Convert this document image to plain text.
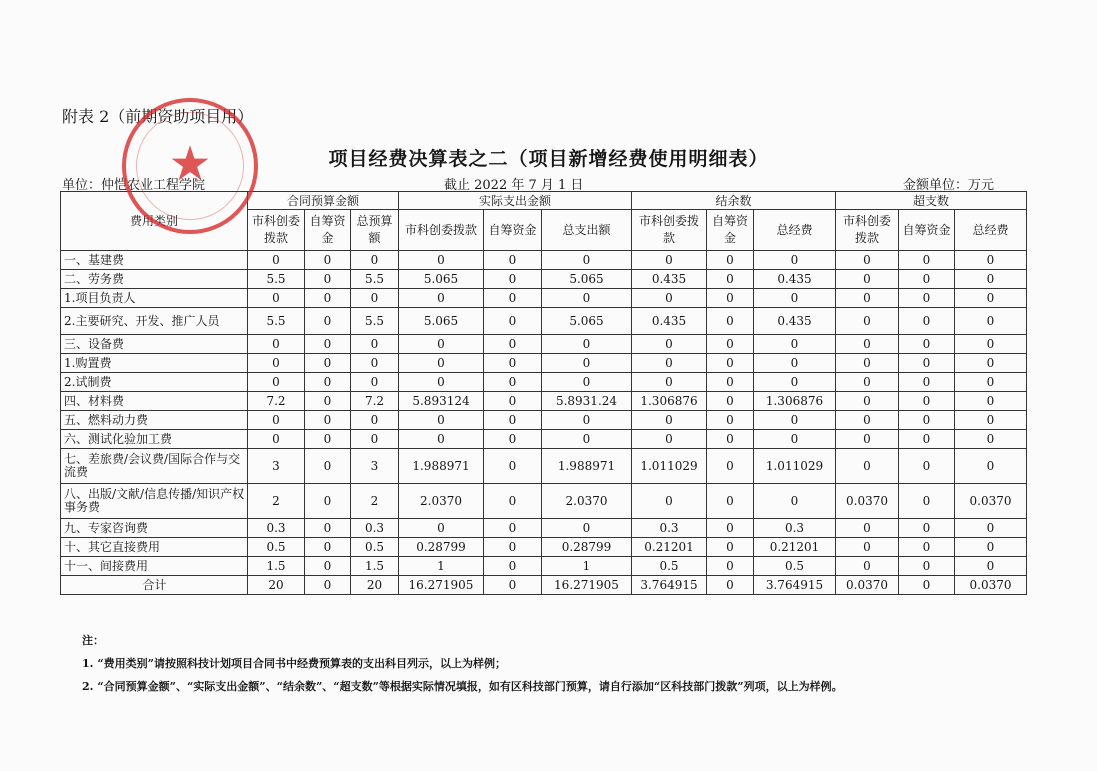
附表 2（前期资助项目用）
项目经费决算表之二（项目新增经费使用明细表）
单位：仲恺农业工程学院	截止 2022 年 7 月 1 日	金额单位：万元
费用类别	合同预算金额			实际支出金额			结余数			超支数		
	市科创委拨款	自筹资金	总预算额	市科创委拨款	自筹资金	总支出额	市科创委拨款	自筹资金	总经费	市科创委拨款	自筹资金	总经费
一、基建费	0	0	0	0	0	0	0	0	0	0	0	0
二、劳务费	5.5	0	5.5	5.065	0	5.065	0.435	0	0.435	0	0	0
1.项目负责人	0	0	0	0	0	0	0	0	0	0	0	0
2.主要研究、开发、推广人员	5.5	0	5.5	5.065	0	5.065	0.435	0	0.435	0	0	0
三、设备费	0	0	0	0	0	0	0	0	0	0	0	0
1.购置费	0	0	0	0	0	0	0	0	0	0	0	0
2.试制费	0	0	0	0	0	0	0	0	0	0	0	0
四、材料费	7.2	0	7.2	5.893124	0	5.8931.24	1.306876	0	1.306876	0	0	0
五、燃料动力费	0	0	0	0	0	0	0	0	0	0	0	0
六、测试化验加工费	0	0	0	0	0	0	0	0	0	0	0	0
七、差旅费/会议费/国际合作与交流费	3	0	3	1.988971	0	1.988971	1.011029	0	1.011029	0	0	0
八、出版/文献/信息传播/知识产权事务费	2	0	2	2.0370	0	2.0370	0	0	0	0.0370	0	0.0370
九、专家咨询费	0.3	0	0.3	0	0	0	0.3	0	0.3	0	0	0
十、其它直接费用	0.5	0	0.5	0.28799	0	0.28799	0.21201	0	0.21201	0	0	0
十一、间接费用	1.5	0	1.5	1	0	1	0.5	0	0.5	0	0	0
合计	20	0	20	16.271905	0	16.271905	3.764915	0	3.764915	0.0370	0	0.0370
注：
1. “费用类别”请按照科技计划项目合同书中经费预算表的支出科目列示，以上为样例；
2. “合同预算金额”、“实际支出金额”、“结余数”、“超支数”等根据实际情况填报，如有区科技部门预算，请自行添加“区科技部门拨款”列项，以上为样例。
★
